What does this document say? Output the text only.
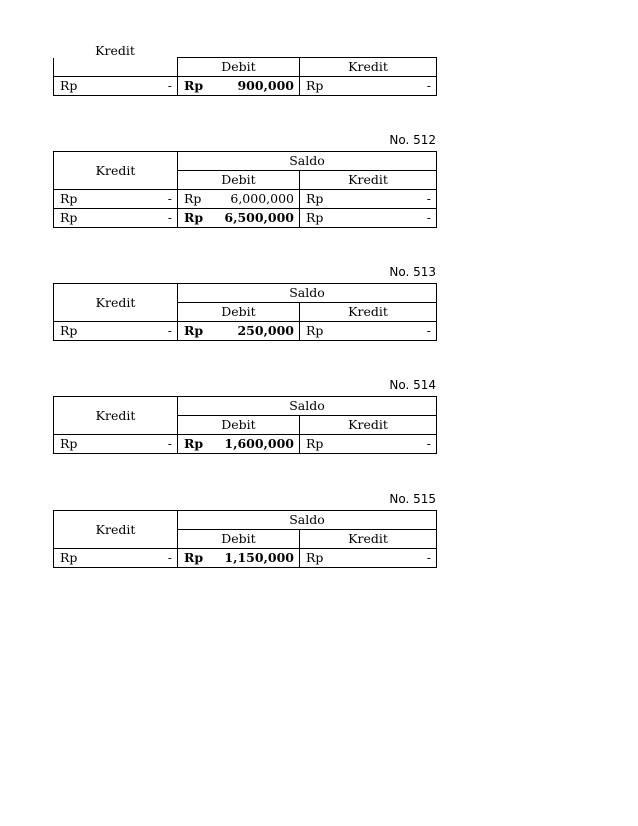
Kredit
	Debit	Kredit

Rp -	Rp 900,000	Rp -
No. 512
Kredit	Saldo	
	Debit	Kredit

Rp -	Rp 6,000,000	Rp -

Rp -	Rp 6,500,000	Rp -
No. 513
Kredit	Saldo	
	Debit	Kredit

Rp -	Rp 250,000	Rp -
No. 514
Kredit	Saldo	
	Debit	Kredit

Rp -	Rp 1,600,000	Rp -
No. 515
Kredit	Saldo	
	Debit	Kredit

Rp -	Rp 1,150,000	Rp -
